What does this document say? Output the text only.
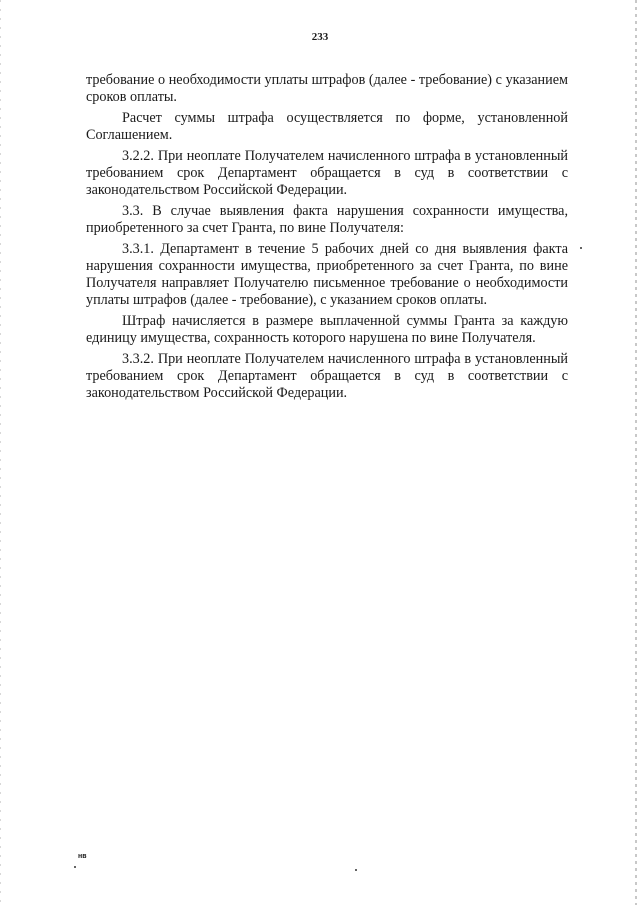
233

требование о необходимости уплаты штрафов (далее - требование) с указанием сроков оплаты.

Расчет суммы штрафа осуществляется по форме, установленной Соглашением.

3.2.2. При неоплате Получателем начисленного штрафа в установленный требованием срок Департамент обращается в суд в соответствии с законодательством Российской Федерации.

3.3. В случае выявления факта нарушения сохранности имущества, приобретенного за счет Гранта, по вине Получателя:

3.3.1. Департамент в течение 5 рабочих дней со дня выявления факта нарушения сохранности имущества, приобретенного за счет Гранта, по вине Получателя направляет Получателю письменное требование о необходимости уплаты штрафов (далее - требование), с указанием сроков оплаты.

Штраф начисляется в размере выплаченной суммы Гранта за каждую единицу имущества, сохранность которого нарушена по вине Получателя.

3.3.2. При неоплате Получателем начисленного штрафа в установленный требованием срок Департамент обращается в суд в соответствии с законодательством Российской Федерации.

нв
